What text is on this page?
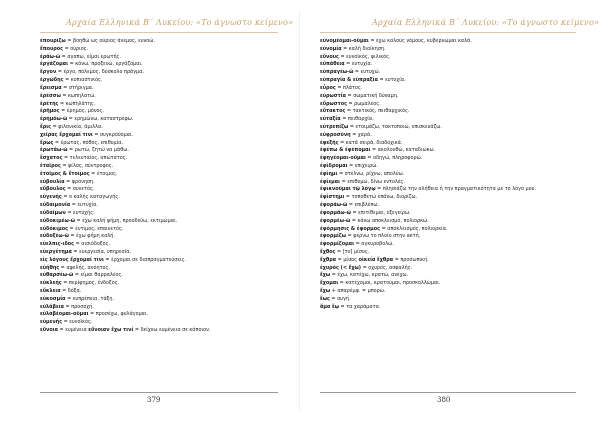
Αρχαία Ελληνικά Β΄ Λυκείου: «Το άγνωστο κείμενο»
ἐπουρίζω = βοηθώ ως ούριος άνεμος, ευνοώ.
ἔπουρος = ούριος.
ἐράω-ῶ = αγαπώ, είμαι ερωτής.
ἐργάζομαι = κάνω, προξενώ, εργάζομαι.
ἔργον = έργο, πόλεμος, δύσκολο πράγμα.
ἐργώδης = κοπιαστικός.
ἔρεισμα = στήριγμα.
ἐρέσσω = κωπηλατώ.
ἐρέτης = κωπηλάτης.
ἐρῆμος = έρημος, μόνος.
ἐρημόω-ῶ = ερημώνω, καταστρέφω.
ἔρις = φιλονικία, άμιλλα.
χεῖρας ἔρχομαί τινι = συγκρούομαι.
ἔρως = έρωτας, πόθος, επιθυμία.
ἐρωτάω-ῶ = ρωτώ, ζητώ να μάθω.
ἔσχατος = τελευταίος, απώτατος.
ἑταῖρος = φίλος, σύντροφος.
ἑτοῖμος & ἕτοιμος = έτοιμος.
εὐβουλία = φρόνηση.
εὔβουλος = συνετός.
εὐγενής = ο καλής καταγωγής.
εὐδαιμονία = ευτυχία.
εὐδαίμων = ευτυχής.
εὐδοκιμέω-ῶ = έχω καλή φήμη, προοδεύω, εκτιμώμαι.
εὐδόκιμος = έντιμος, επαινετός.
εὐδοξέω-ῶ = έχω φήμη καλή.
εὐελπις-ιδος = αισιόδοξος.
εὐεργέτημα = ευεργεσία, υπηρεσία.
εἰς λόγους ἔρχομαί τινι = έρχομαι σε διαπραγματεύσεις.
εὐήθης = αφελής, ανόητος.
εὐθαρσέω-ῶ = είμαι θαρραλέος.
εὐκλεής = περίφημος, ένδοξος.
εὔκλεια = δόξα.
εὐκοσμία = ευπρέπεια, τάξη.
εὐλάβεια = προσοχή.
εὐλαβέομαι-οῦμαι = προσέχω, φυλάγομαι.
εὐμενής = ευνοϊκός.
εὔνοια = ευμένεια εὔνοιαν ἔχω τινί = δείχνω ευμένεια σε κάποιον.
379
Αρχαία Ελληνικά Β΄ Λυκείου: «Το άγνωστο κείμενο»
εὐνομέομαι-οῦμαι = έχω καλούς νόμους, κυβερνώμαι καλά.
εὐνομία = καλή διοίκηση.
εὔνους = ευνοϊκός, φιλικός.
εὐπάθεια = ευτυχία.
εὐπραγέω-ῶ = ευτυχώ.
εὐπραγία & εὐπραξία = ευτυχία.
εὖρος = πλάτος.
εὐρωστία = σωματική δύναμη.
εὔρωστος = ρωμαλέος.
εὔτακτος = τακτικός, πειθαρχικός.
εὐταξία = πειθαρχία.
εὐτρεπίζω = ετοιμάζω, τακτοποιώ, επισκευάζω.
εὐφροσύνη = χαρά.
ἐφεξῆς = κατά σειρά, διαδοχικά.
ἐφέπω & ἐφέπομαι = ακολουθώ, καταδιώκω.
ἐφηγέομαι-οῦμαι = οδηγώ, πληροφορώ.
ἐφίδρομαι = επιχειρώ.
ἐφίημι = στέλνω, ρίχνω, απολύω.
ἐφίεμαι = επιθυμώ, δίνω εντολές.
ἐφικνοῦμαι τῷ λόγῳ = πλησιάζω την αλήθεια ή την πραγματικότητα με το λόγο μου.
ἐφίστημι = τοποθετώ επάνω, διορίζω.
ἐφοράω-ῶ = επιβλέπω.
ἐφορμάω-ῶ = επιτίθεμαι, εξεγείρω.
ἐφορμέω-ῶ = κάνω αποκλεισμό, πολιορκώ.
ἐφόρμησις & ἐφορμος = αποκλεισμός, πολιορκία.
ἐφορμίζω = φέρνω το πλοίο στην ακτή.
ἐφορμίζομαι = αγκυροβολώ.
ἔχθος = [το] μίσος.
ἔχθρα = μίσος οἰκεία ἔχθρα = προσωπική.
ἐχυρός (< ἔχω) = οχυρός, ασφαλής.
ἔχω = έχω, κατέχω, κρατώ, ανέχω.
ἔχομαι = κατέχομαι, κρατούμαι, προσκολλώμαι.
ἔχω + απαρέμφ. = μπορώ.
ἕως = αυγή.
ἅμα ἕῳ = τα χαράματα.
380
